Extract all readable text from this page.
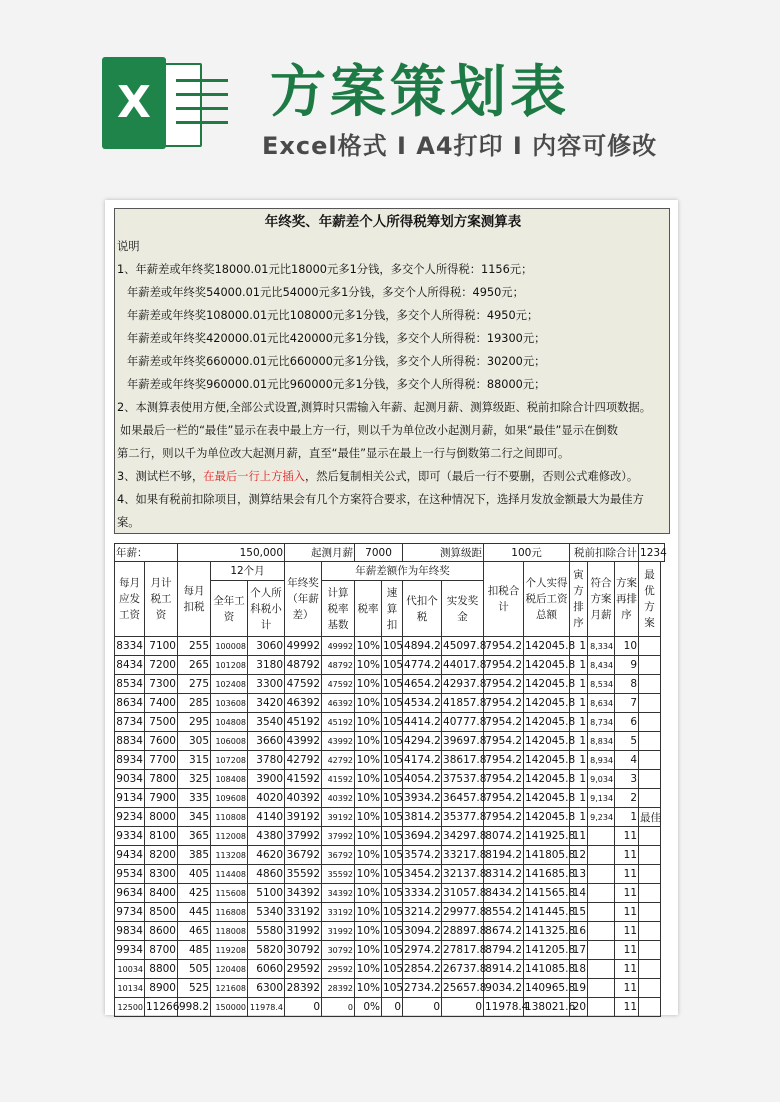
X 方案策划表
Excel格式 I A4打印 I 内容可修改
年终奖、年薪差个人所得税筹划方案测算表
说明
1、年薪差或年终奖18000.01元比18000元多1分钱，多交个人所得税：1156元；
年薪差或年终奖54000.01元比54000元多1分钱，多交个人所得税：4950元；
年薪差或年终奖108000.01元比108000元多1分钱，多交个人所得税：4950元；
年薪差或年终奖420000.01元比420000元多1分钱，多交个人所得税：19300元；
年薪差或年终奖660000.01元比660000元多1分钱，多交个人所得税：30200元；
年薪差或年终奖960000.01元比960000元多1分钱，多交个人所得税：88000元；
2、本测算表使用方便,全部公式设置,测算时只需输入年薪、起测月薪、测算级距、税前扣除合计四项数据。
如果最后一栏的“最佳”显示在表中最上方一行，则以千为单位改小起测月薪，如果“最佳”显示在倒数
第二行，则以千为单位改大起测月薪，直至“最佳”显示在最上一行与倒数第二行之间即可。
3、测试栏不够，在最后一行上方插入，然后复制相关公式，即可（最后一行不要删，否则公式难修改）。
4、如果有税前扣除项目，测算结果会有几个方案符合要求，在这种情况下，选择月发放金额最大为最佳方
案。
年薪：		150,000			起测月薪		7000		测算级距		100元		税前扣除合计			1234
每月应发工资	月计税工资	每月扣税	12个月		年终奖（年薪差）	年薪差额作为年终奖					扣税合计	个人实得税后工资总额	寅方排序	符合方案月薪	方案再排序	最优方案
			全年工资	个人所科税小计		计算税率基数	税率	速算扣	代扣个税	实发奖金						
8334	7100	255	100008	3060	49992	49992	10%	105	4894.2	45097.8	7954.2	142045.8	1	8,334	10	
8434	7200	265	101208	3180	48792	48792	10%	105	4774.2	44017.8	7954.2	142045.8	1	8,434	9	
8534	7300	275	102408	3300	47592	47592	10%	105	4654.2	42937.8	7954.2	142045.8	1	8,534	8	
8634	7400	285	103608	3420	46392	46392	10%	105	4534.2	41857.8	7954.2	142045.8	1	8,634	7	
8734	7500	295	104808	3540	45192	45192	10%	105	4414.2	40777.8	7954.2	142045.8	1	8,734	6	
8834	7600	305	106008	3660	43992	43992	10%	105	4294.2	39697.8	7954.2	142045.8	1	8,834	5	
8934	7700	315	107208	3780	42792	42792	10%	105	4174.2	38617.8	7954.2	142045.8	1	8,934	4	
9034	7800	325	108408	3900	41592	41592	10%	105	4054.2	37537.8	7954.2	142045.8	1	9,034	3	
9134	7900	335	109608	4020	40392	40392	10%	105	3934.2	36457.8	7954.2	142045.8	1	9,134	2	
9234	8000	345	110808	4140	39192	39192	10%	105	3814.2	35377.8	7954.2	142045.8	1	9,234	1	最佳
9334	8100	365	112008	4380	37992	37992	10%	105	3694.2	34297.8	8074.2	141925.8	11		11	
9434	8200	385	113208	4620	36792	36792	10%	105	3574.2	33217.8	8194.2	141805.8	12		11	
9534	8300	405	114408	4860	35592	35592	10%	105	3454.2	32137.8	8314.2	141685.8	13		11	
9634	8400	425	115608	5100	34392	34392	10%	105	3334.2	31057.8	8434.2	141565.8	14		11	
9734	8500	445	116808	5340	33192	33192	10%	105	3214.2	29977.8	8554.2	141445.8	15		11	
9834	8600	465	118008	5580	31992	31992	10%	105	3094.2	28897.8	8674.2	141325.8	16		11	
9934	8700	485	119208	5820	30792	30792	10%	105	2974.2	27817.8	8794.2	141205.8	17		11	
10034	8800	505	120408	6060	29592	29592	10%	105	2854.2	26737.8	8914.2	141085.8	18		11	
10134	8900	525	121608	6300	28392	28392	10%	105	2734.2	25657.8	9034.2	140965.8	19		11	
12500	11266	998.2	150000	11978.4	0	0	0%	0	0	0	11978.4	138021.6	20		11	
